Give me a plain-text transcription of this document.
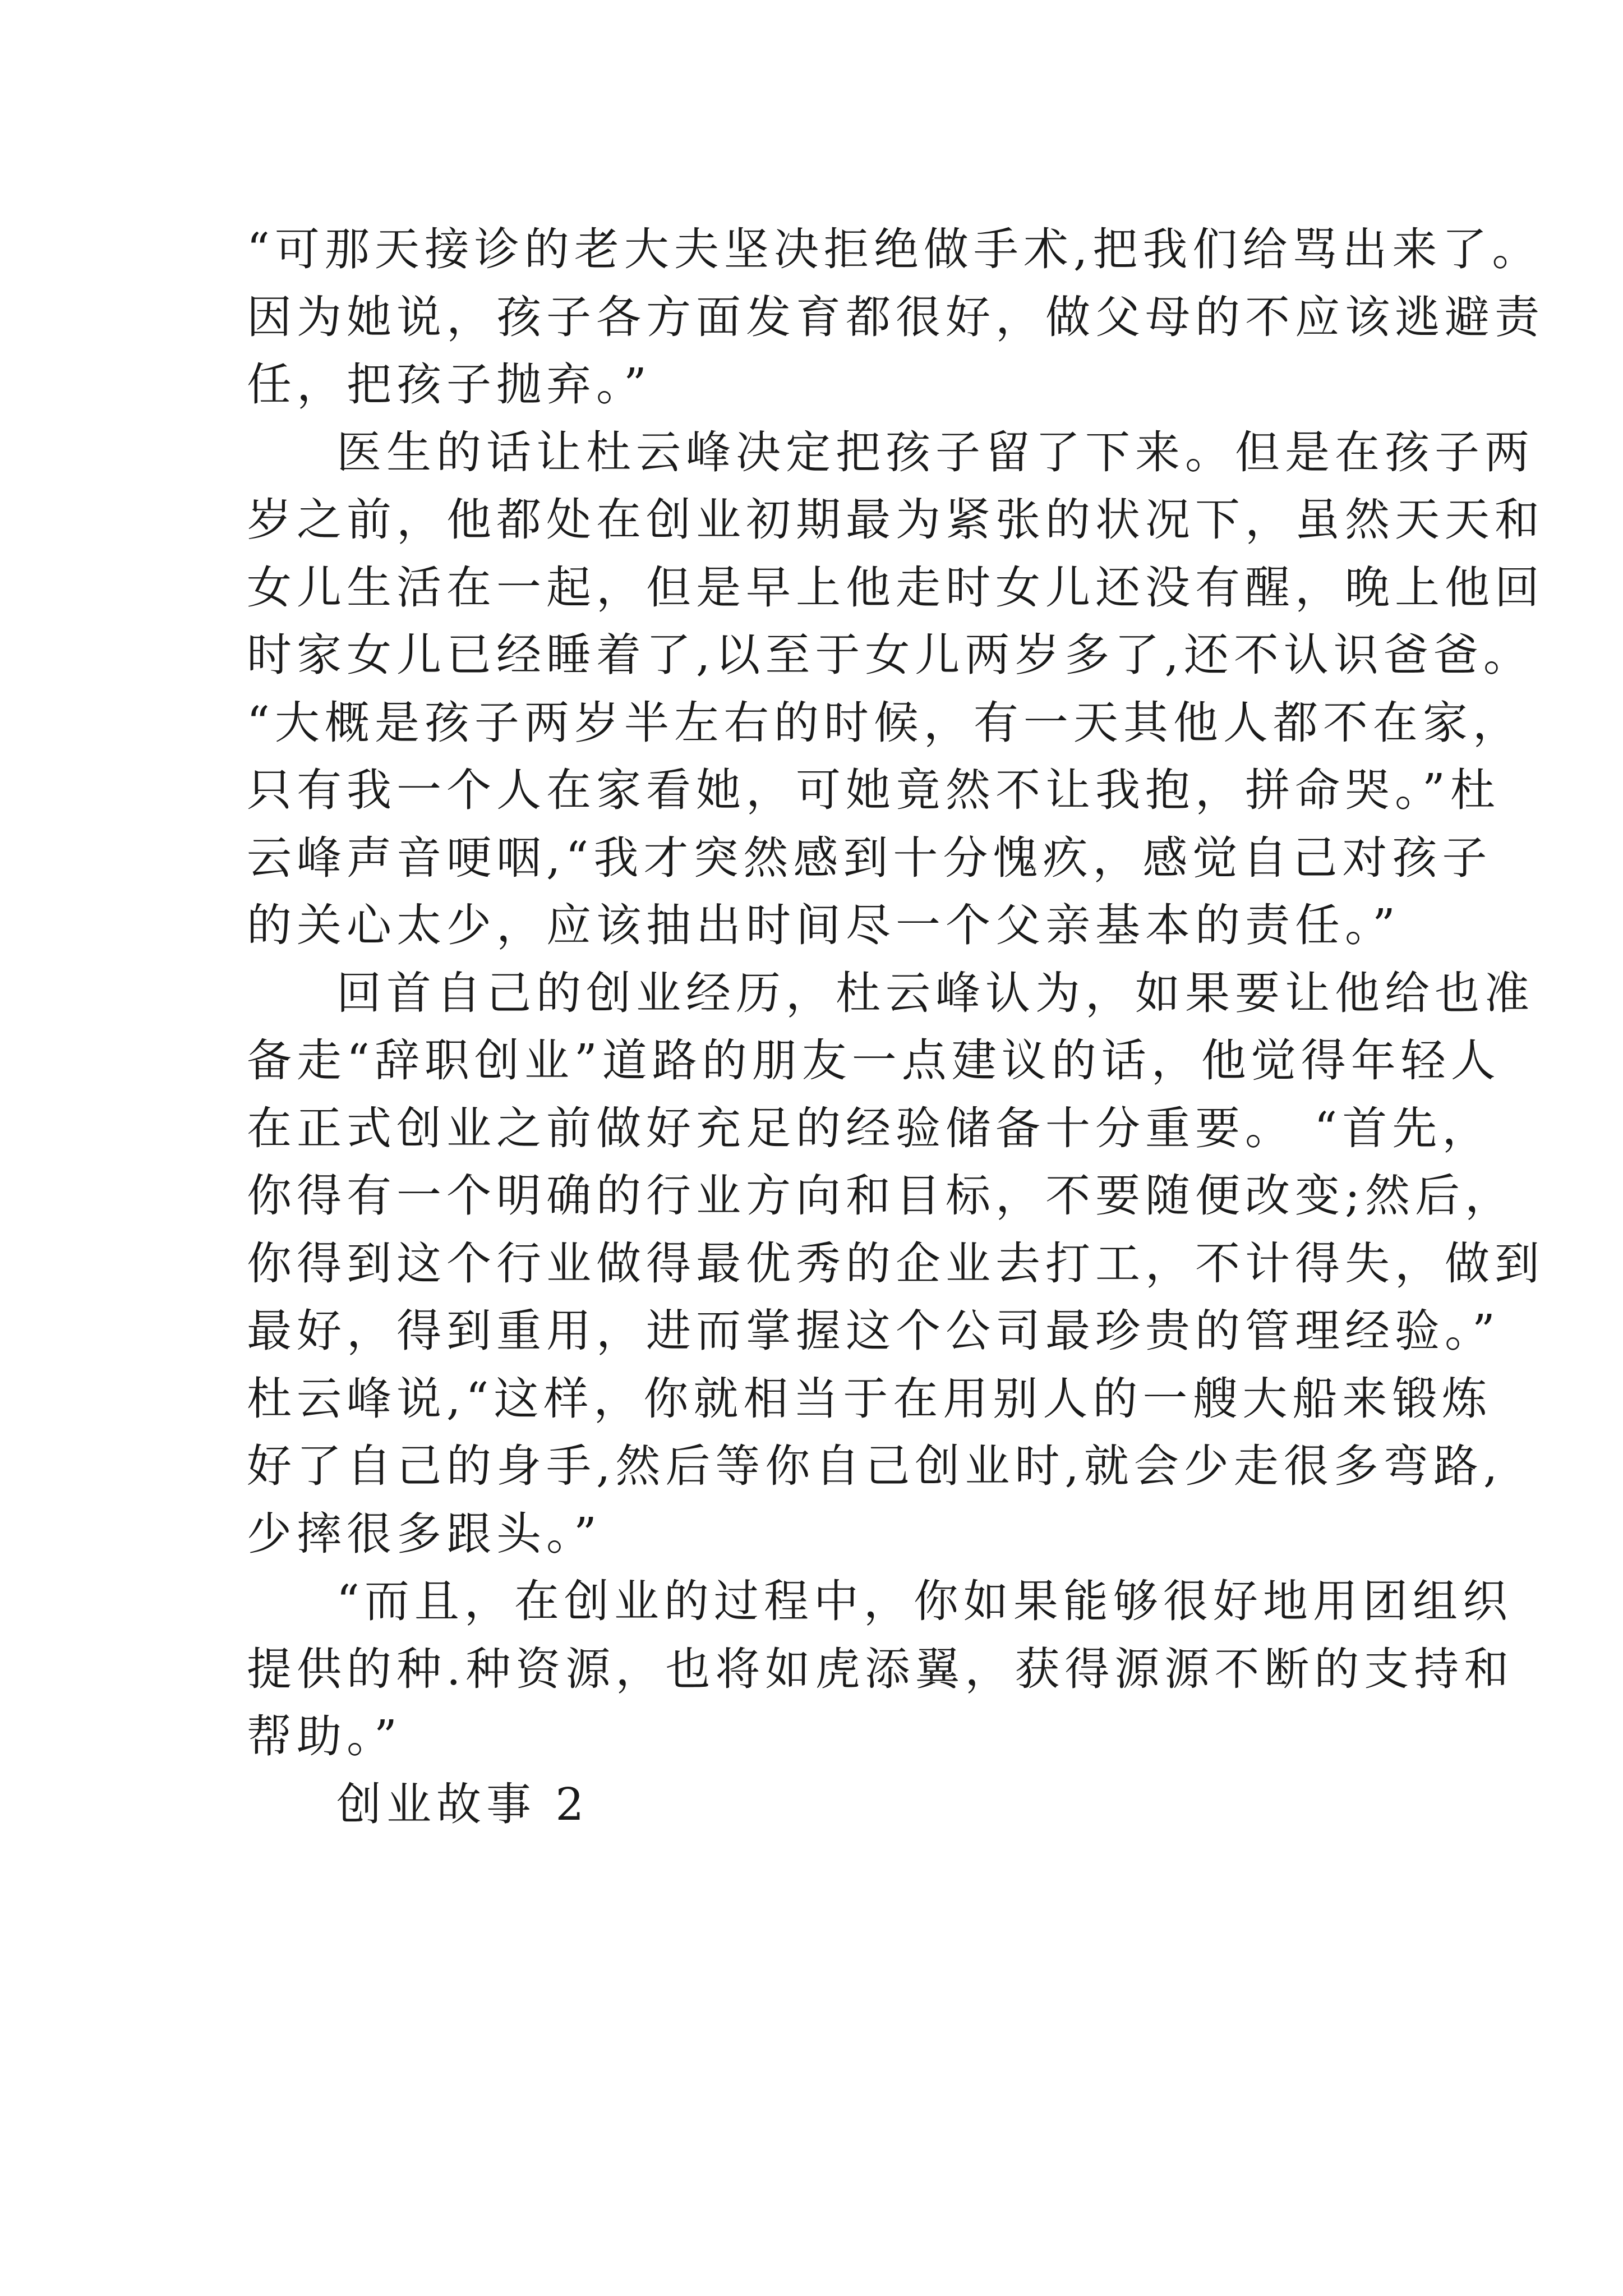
“可那天接诊的老大夫坚决拒绝做手术,把我们给骂出来了。
因为她说，孩子各方面发育都很好，做父母的不应该逃避责
任，把孩子抛弃。”
医生的话让杜云峰决定把孩子留了下来。但是在孩子两
岁之前，他都处在创业初期最为紧张的状况下，虽然天天和
女儿生活在一起，但是早上他走时女儿还没有醒，晚上他回
时家女儿已经睡着了,以至于女儿两岁多了,还不认识爸爸。
“大概是孩子两岁半左右的时候，有一天其他人都不在家，
只有我一个人在家看她，可她竟然不让我抱，拼命哭。”杜
云峰声音哽咽,“我才突然感到十分愧疚，感觉自己对孩子
的关心太少，应该抽出时间尽一个父亲基本的责任。”
回首自己的创业经历，杜云峰认为，如果要让他给也准
备走“辞职创业”道路的朋友一点建议的话，他觉得年轻人
在正式创业之前做好充足的经验储备十分重要。 “首先，
你得有一个明确的行业方向和目标，不要随便改变;然后，
你得到这个行业做得最优秀的企业去打工，不计得失，做到
最好，得到重用，进而掌握这个公司最珍贵的管理经验。”
杜云峰说,“这样，你就相当于在用别人的一艘大船来锻炼
好了自己的身手,然后等你自己创业时,就会少走很多弯路,
少摔很多跟头。”
“而且，在创业的过程中，你如果能够很好地用团组织
提供的种.种资源，也将如虎添翼，获得源源不断的支持和
帮助。”
创业故事 2
